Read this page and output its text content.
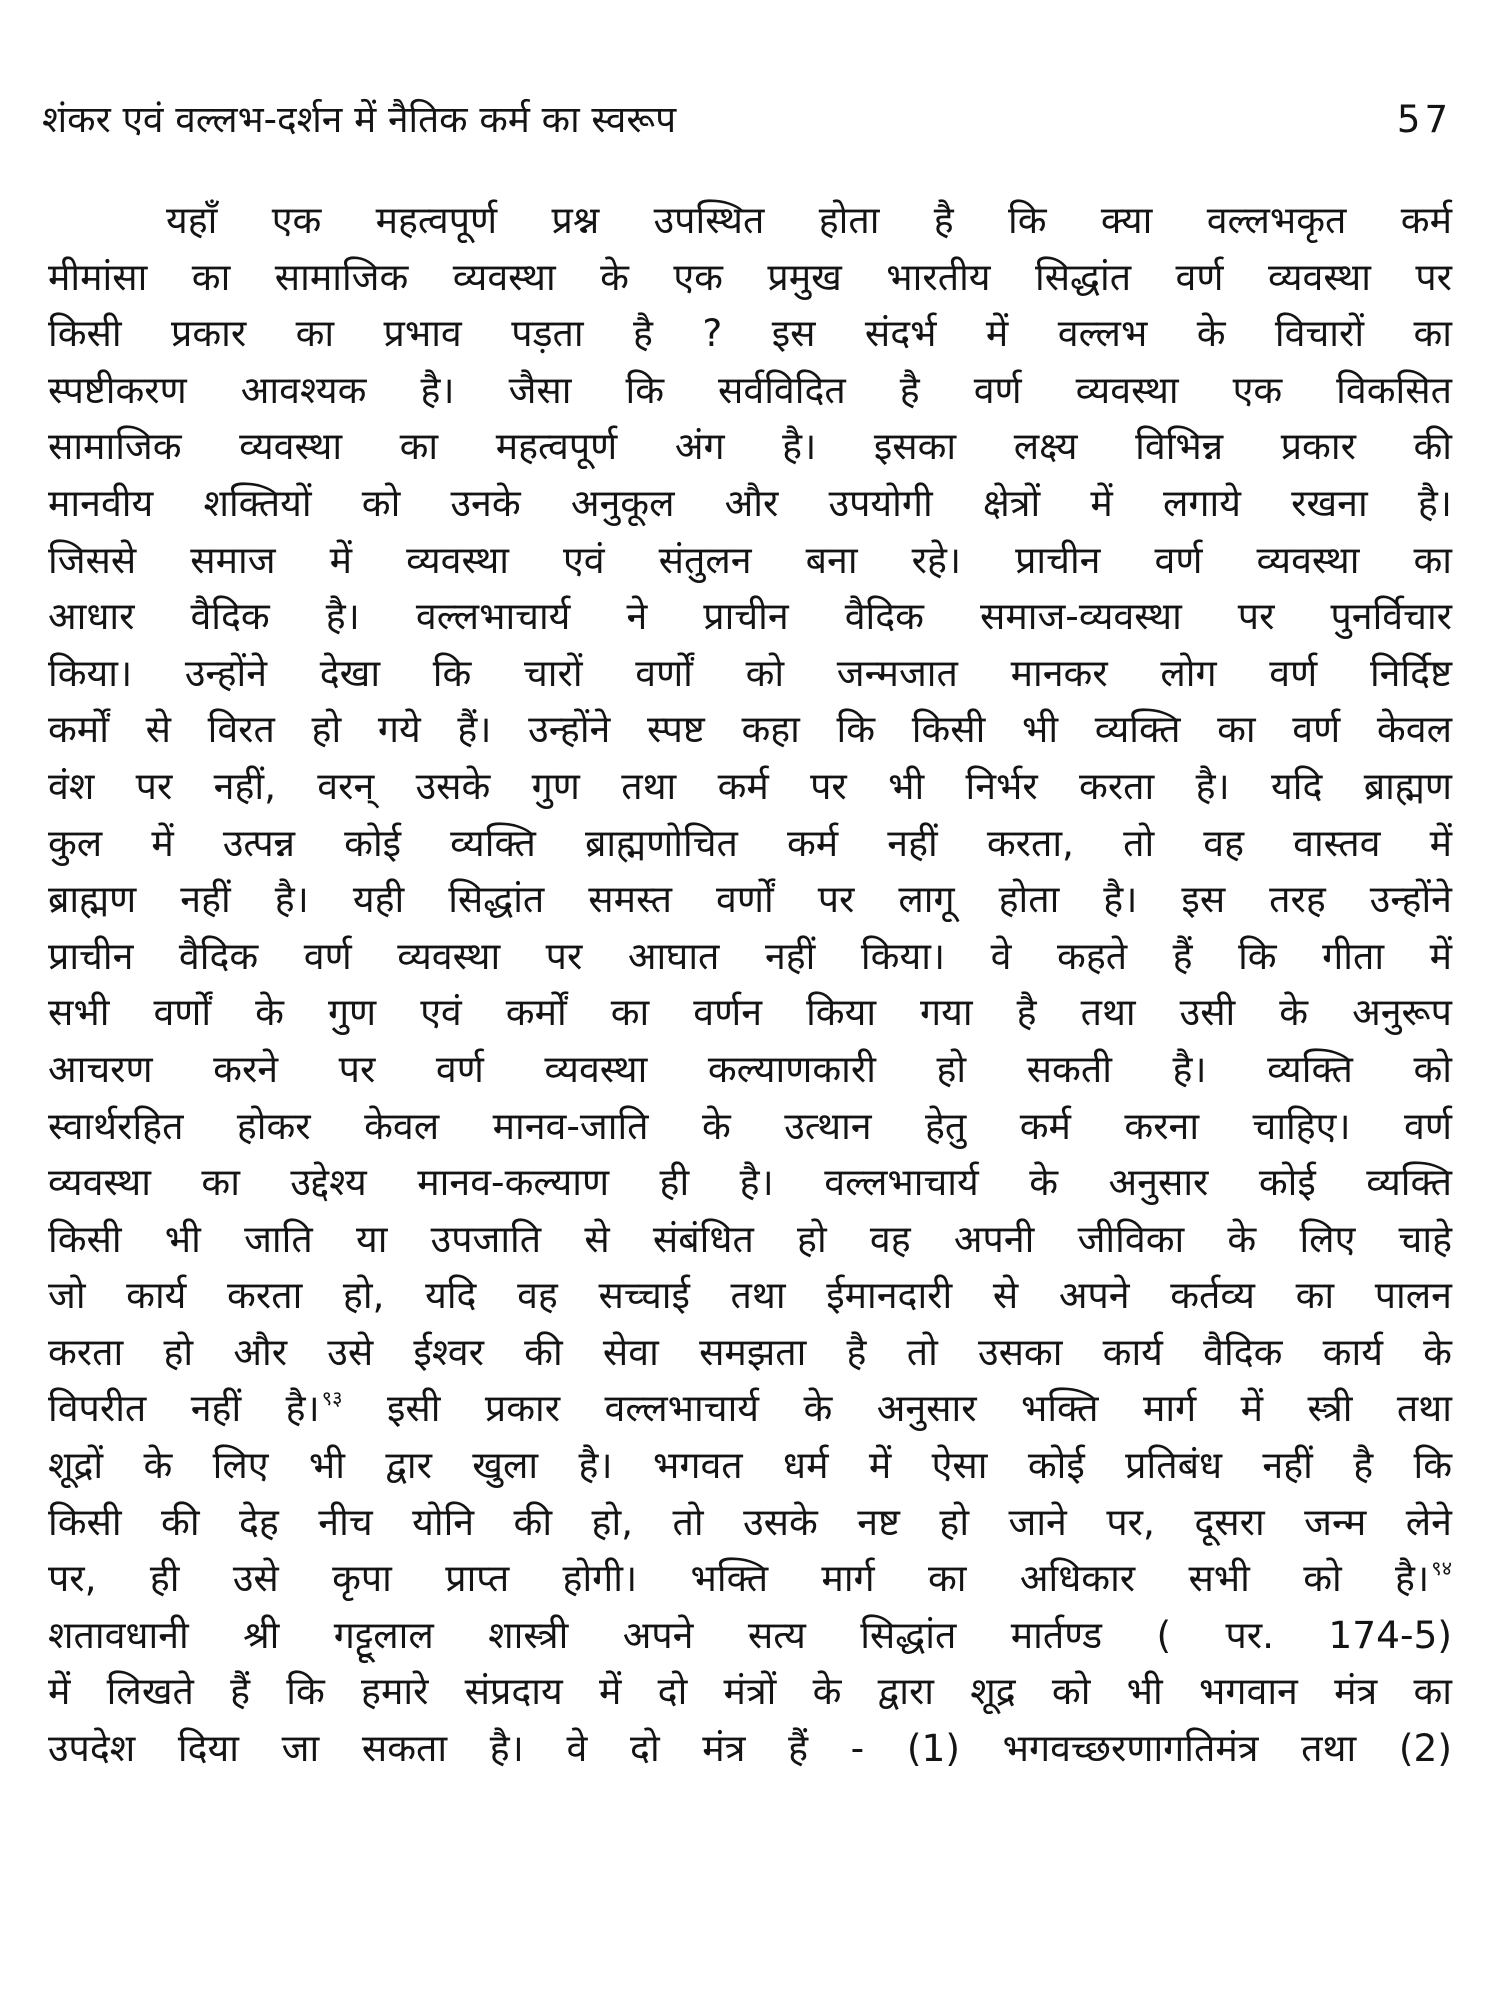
शंकर एवं वल्लभ-दर्शन में नैतिक कर्म का स्वरूप	57
यहाँ एक महत्वपूर्ण प्रश्न उपस्थित होता है कि क्या वल्लभकृत कर्म
मीमांसा का सामाजिक व्यवस्था के एक प्रमुख भारतीय सिद्धांत वर्ण व्यवस्था पर
किसी प्रकार का प्रभाव पड़ता है ? इस संदर्भ में वल्लभ के विचारों का
स्पष्टीकरण आवश्यक है। जैसा कि सर्वविदित है वर्ण व्यवस्था एक विकसित
सामाजिक व्यवस्था का महत्वपूर्ण अंग है। इसका लक्ष्य विभिन्न प्रकार की
मानवीय शक्तियों को उनके अनुकूल और उपयोगी क्षेत्रों में लगाये रखना है।
जिससे समाज में व्यवस्था एवं संतुलन बना रहे। प्राचीन वर्ण व्यवस्था का
आधार वैदिक है। वल्लभाचार्य ने प्राचीन वैदिक समाज-व्यवस्था पर पुनर्विचार
किया। उन्होंने देखा कि चारों वर्णों को जन्मजात मानकर लोग वर्ण निर्दिष्ट
कर्मों से विरत हो गये हैं। उन्होंने स्पष्ट कहा कि किसी भी व्यक्ति का वर्ण केवल
वंश पर नहीं, वरन् उसके गुण तथा कर्म पर भी निर्भर करता है। यदि ब्राह्मण
कुल में उत्पन्न कोई व्यक्ति ब्राह्मणोचित कर्म नहीं करता, तो वह वास्तव में
ब्राह्मण नहीं है। यही सिद्धांत समस्त वर्णों पर लागू होता है। इस तरह उन्होंने
प्राचीन वैदिक वर्ण व्यवस्था पर आघात नहीं किया। वे कहते हैं कि गीता में
सभी वर्णों के गुण एवं कर्मों का वर्णन किया गया है तथा उसी के अनुरूप
आचरण करने पर वर्ण व्यवस्था कल्याणकारी हो सकती है। व्यक्ति को
स्वार्थरहित होकर केवल मानव-जाति के उत्थान हेतु कर्म करना चाहिए। वर्ण
व्यवस्था का उद्देश्य मानव-कल्याण ही है। वल्लभाचार्य के अनुसार कोई व्यक्ति
किसी भी जाति या उपजाति से संबंधित हो वह अपनी जीविका के लिए चाहे
जो कार्य करता हो, यदि वह सच्चाई तथा ईमानदारी से अपने कर्तव्य का पालन
करता हो और उसे ईश्वर की सेवा समझता है तो उसका कार्य वैदिक कार्य के
विपरीत नहीं है। $^{९३}$ इसी प्रकार वल्लभाचार्य के अनुसार भक्ति मार्ग में स्त्री तथा
शूद्रों के लिए भी द्वार खुला है। भगवत धर्म में ऐसा कोई प्रतिबंध नहीं है कि
किसी की देह नीच योनि की हो, तो उसके नष्ट हो जाने पर, दूसरा जन्म लेने
पर, ही उसे कृपा प्राप्त होगी। भक्ति मार्ग का अधिकार सभी को है। $^{९४}$
शतावधानी श्री गट्टूलाल शास्त्री अपने सत्य सिद्धांत मार्तण्ड ( पर. 174-5)
में लिखते हैं कि हमारे संप्रदाय में दो मंत्रों के द्वारा शूद्र को भी भगवान मंत्र का
उपदेश दिया जा सकता है। वे दो मंत्र हैं - (1) भगवच्छरणागतिमंत्र तथा (2)
